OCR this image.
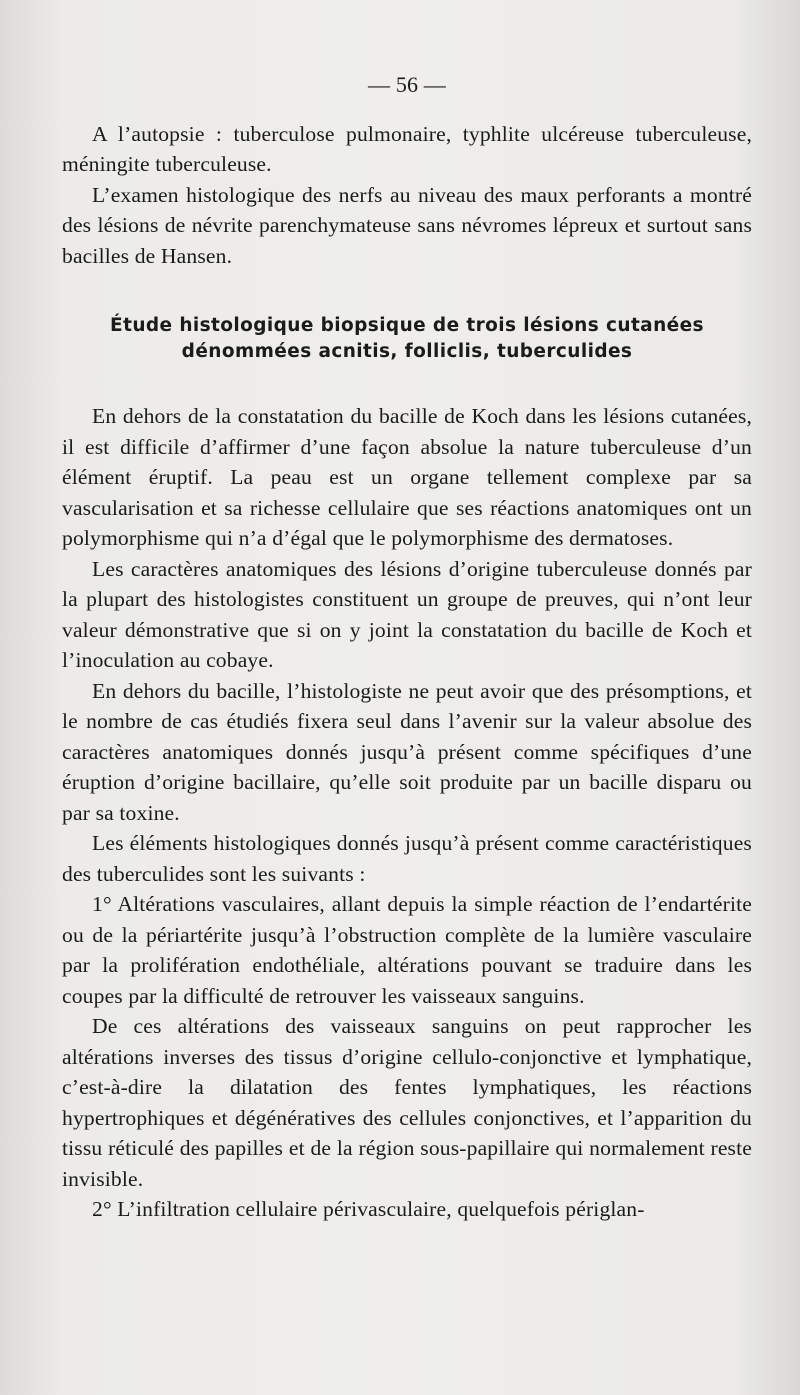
— 56 —

A l’autopsie : tuberculose pulmonaire, typhlite ulcéreuse tuberculeuse, méningite tuberculeuse.

L’examen histologique des nerfs au niveau des maux perforants a montré des lésions de névrite parenchymateuse sans névromes lépreux et surtout sans bacilles de Hansen.

Étude histologique biopsique de trois lésions cutanées
dénommées acnitis, folliclis, tuberculides

En dehors de la constatation du bacille de Koch dans les lésions cutanées, il est difficile d’affirmer d’une façon absolue la nature tuberculeuse d’un élément éruptif. La peau est un organe tellement complexe par sa vascularisation et sa richesse cellulaire que ses réactions anatomiques ont un polymorphisme qui n’a d’égal que le polymorphisme des dermatoses.

Les caractères anatomiques des lésions d’origine tuberculeuse donnés par la plupart des histologistes constituent un groupe de preuves, qui n’ont leur valeur démonstrative que si on y joint la constatation du bacille de Koch et l’inoculation au cobaye.

En dehors du bacille, l’histologiste ne peut avoir que des présomptions, et le nombre de cas étudiés fixera seul dans l’avenir sur la valeur absolue des caractères anatomiques donnés jusqu’à présent comme spécifiques d’une éruption d’origine bacillaire, qu’elle soit produite par un bacille disparu ou par sa toxine.

Les éléments histologiques donnés jusqu’à présent comme caractéristiques des tuberculides sont les suivants :

1° Altérations vasculaires, allant depuis la simple réaction de l’endartérite ou de la périartérite jusqu’à l’obstruction complète de la lumière vasculaire par la prolifération endothéliale, altérations pouvant se traduire dans les coupes par la difficulté de retrouver les vaisseaux sanguins.

De ces altérations des vaisseaux sanguins on peut rapprocher les altérations inverses des tissus d’origine cellulo-conjonctive et lymphatique, c’est-à-dire la dilatation des fentes lymphatiques, les réactions hypertrophiques et dégénératives des cellules conjonctives, et l’apparition du tissu réticulé des papilles et de la région sous-papillaire qui normalement reste invisible.

2° L’infiltration cellulaire périvasculaire, quelquefois périglan-
